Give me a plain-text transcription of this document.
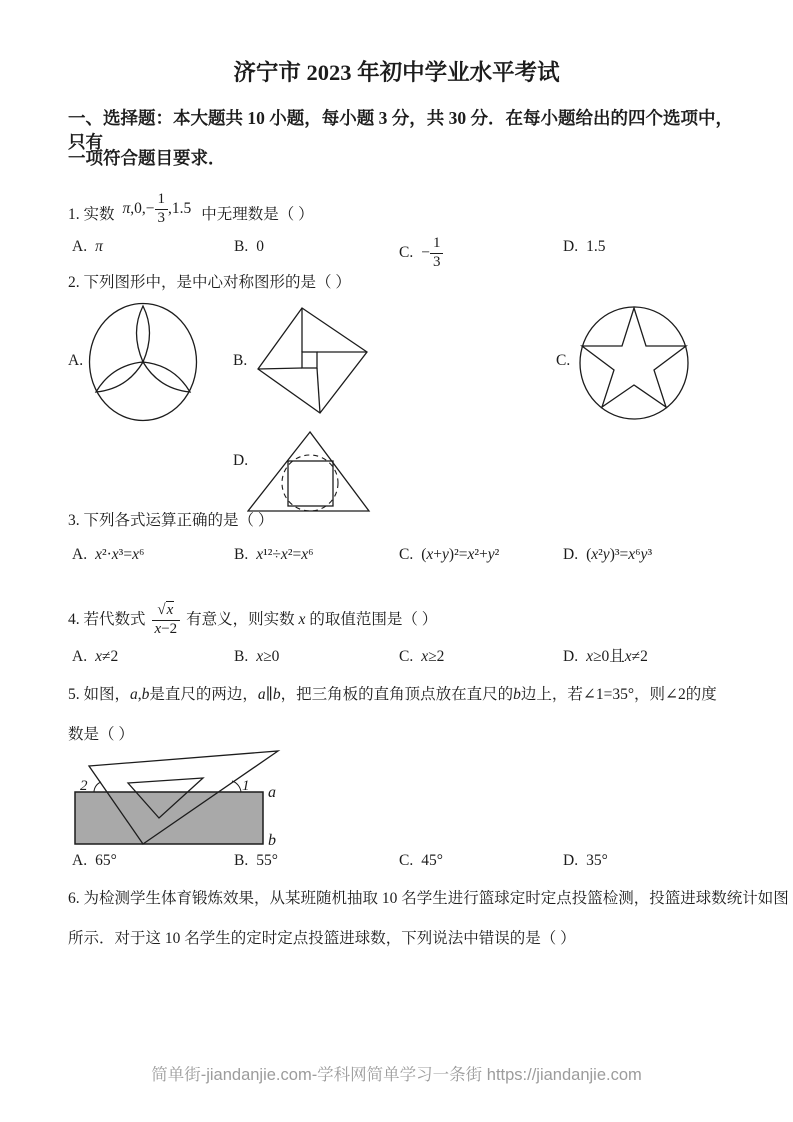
济宁市 2023 年初中学业水平考试
一、选择题：本大题共 10 小题，每小题 3 分，共 30 分．在每小题给出的四个选项中，只有
一项符合题目要求．
1. 实数 $\pi,0,- \frac{1}{3} ,1.5$ 中无理数是（ ）
A. π	B. 0	C. − $\frac{1}{3}$	D. 1.5
2. 下列图形中，是中心对称图形的是（ ）
A.	B.	C.
D.
3. 下列各式运算正确的是（ ）
A. x²·x³=x⁶	B. x¹²÷x²=x⁶	C. (x+y)²=x²+y²	D. (x²y)³=x⁶y³
4. 若代数式 $\frac{√x}{x-2}$ 有意义，则实数 x 的取值范围是（ ）
A. x≠2	B. x≥0	C. x≥2	D. x≥0且x≠2
5. 如图，a,b是直尺的两边，a∥b，把三角板的直角顶点放在直尺的b边上，若∠1=35°，则∠2的度
数是（ ）
2	1 a
b
A. 65°	B. 55°	C. 45°	D. 35°
6. 为检测学生体育锻炼效果，从某班随机抽取 10 名学生进行篮球定时定点投篮检测，投篮进球数统计如图
所示．对于这 10 名学生的定时定点投篮进球数，下列说法中错误的是（ ）
简单街-jiandanjie.com-学科网简单学习一条街 https://jiandanjie.com
